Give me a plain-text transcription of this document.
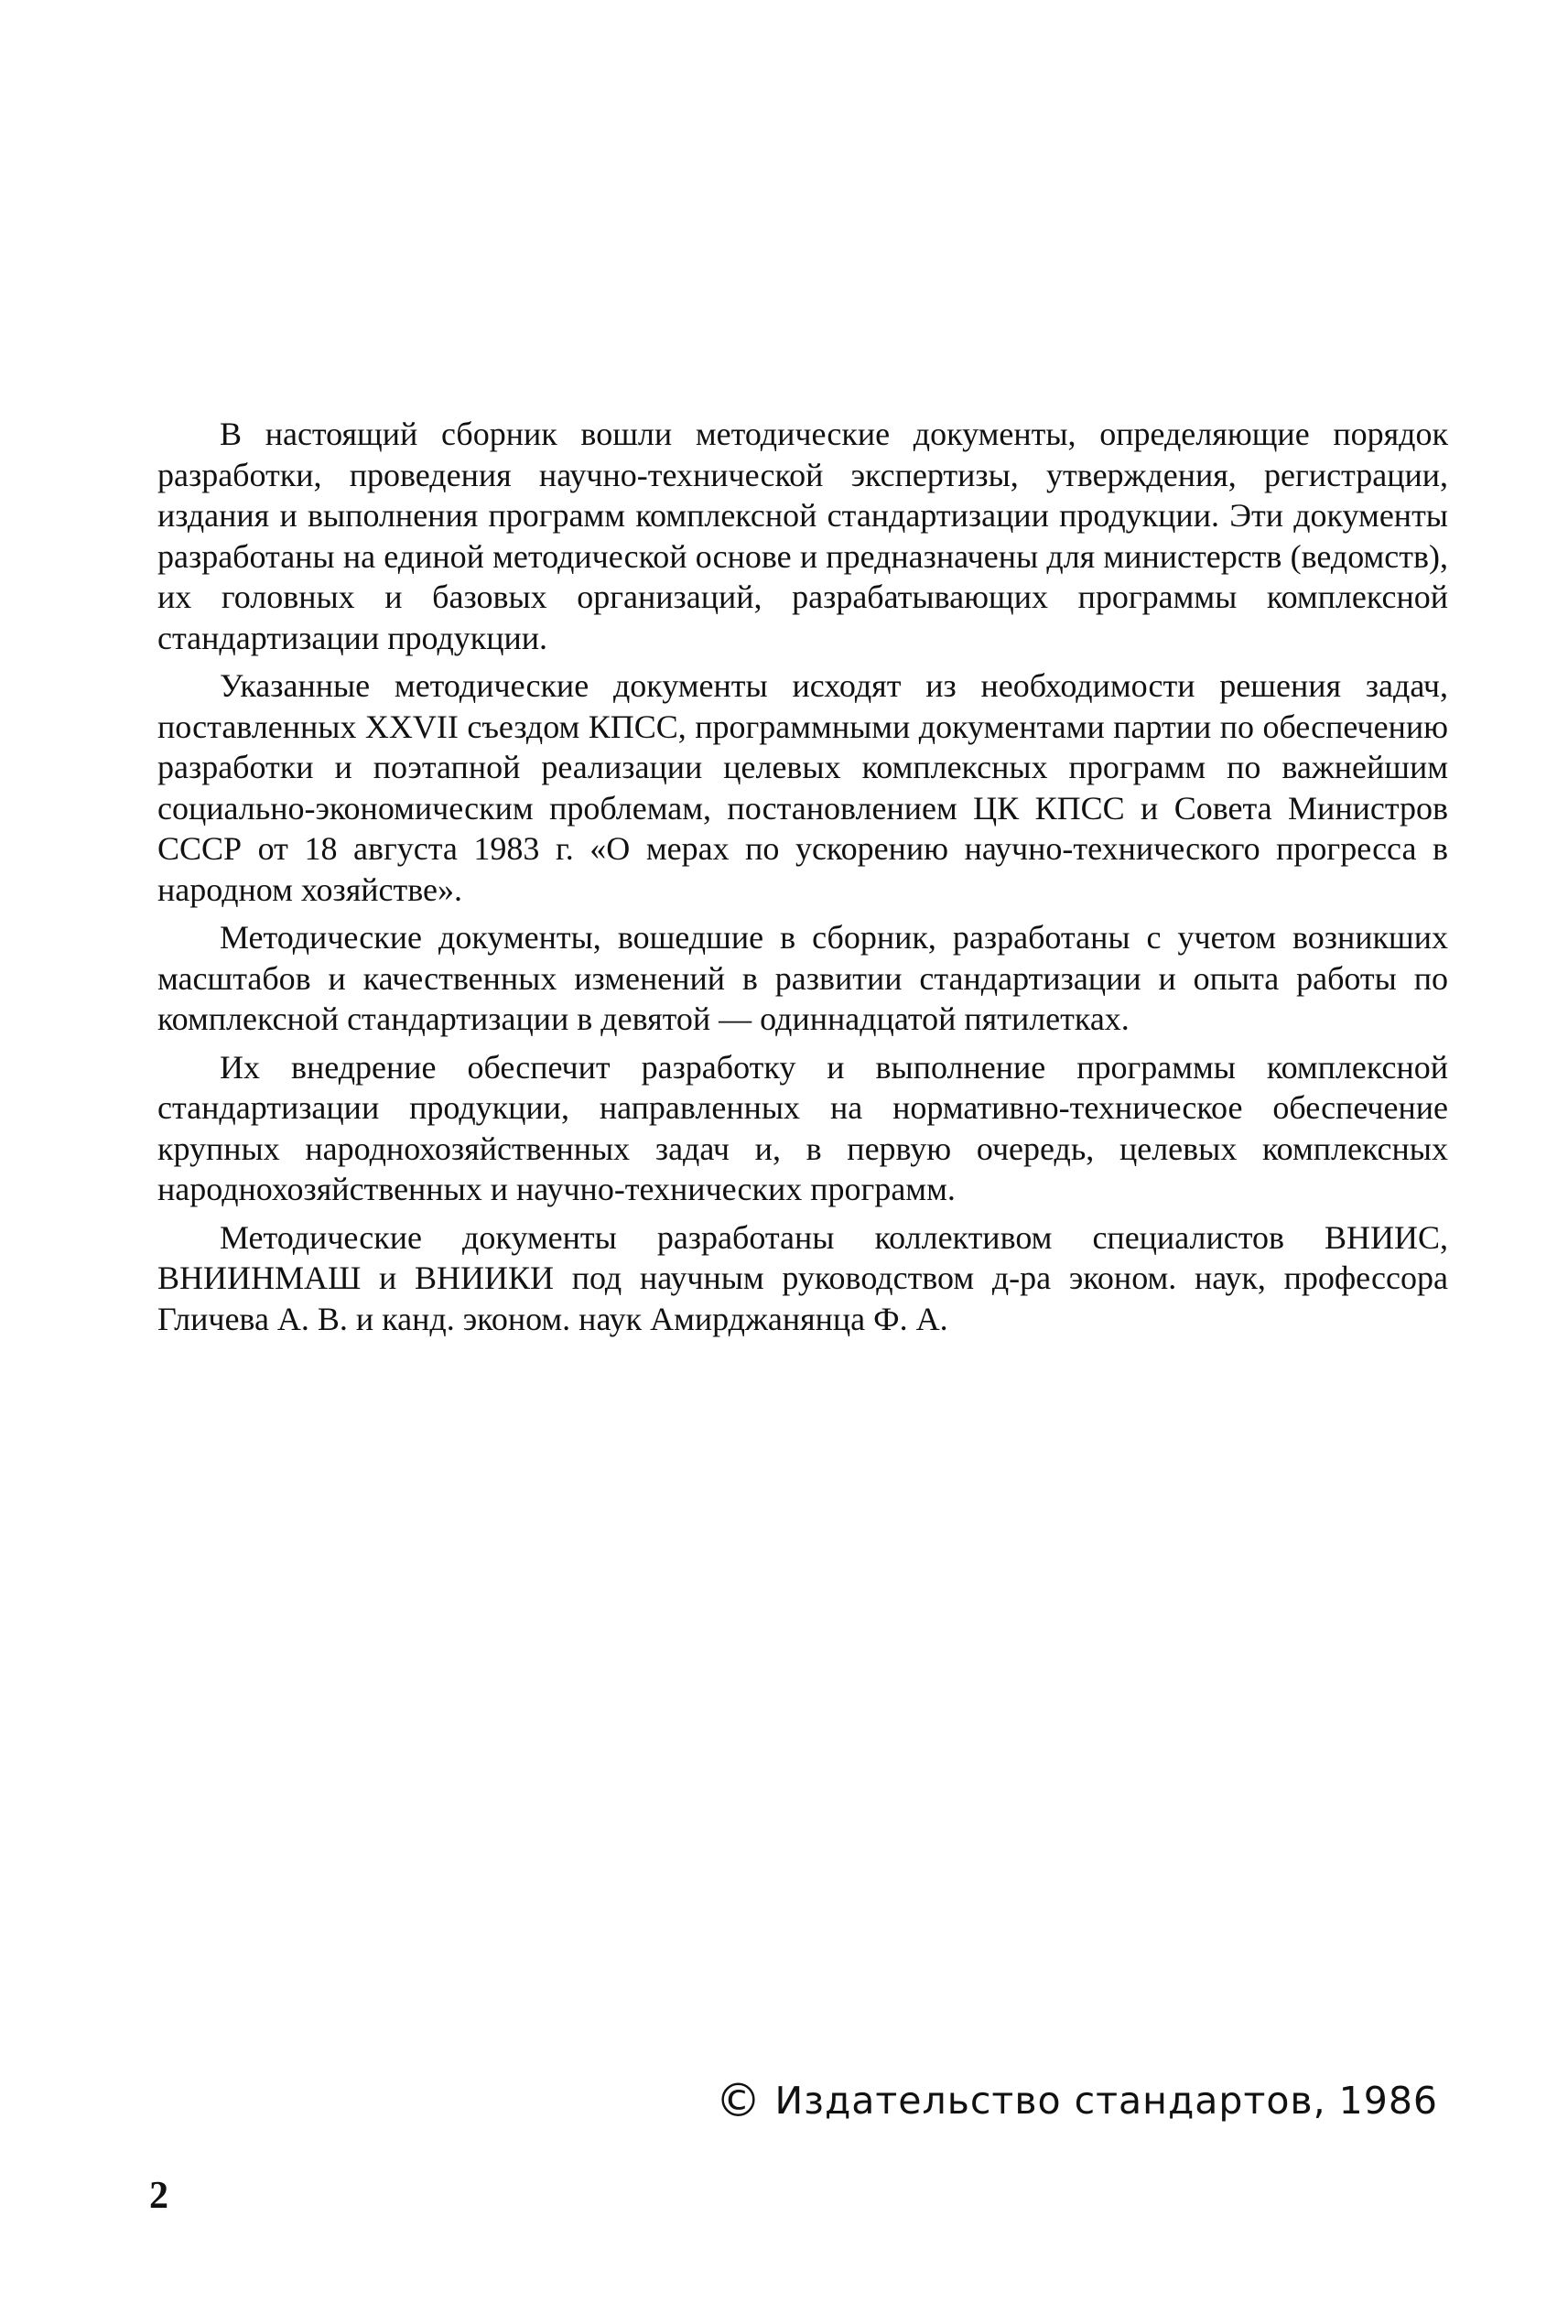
В настоящий сборник вошли методические документы, определяющие порядок разработки, проведения научно-технической экспертизы, утверждения, регистрации, издания и выполнения программ комплексной стандартизации продукции. Эти документы разработаны на единой методической основе и предназначены для министерств (ведомств), их головных и базовых организаций, разрабатывающих программы комплексной стандартизации продукции.

Указанные методические документы исходят из необходимости решения задач, поставленных XXVII съездом КПСС, программными документами партии по обеспечению разработки и поэтапной реализации целевых комплексных программ по важнейшим социально-экономическим проблемам, постановлением ЦК КПСС и Совета Министров СССР от 18 августа 1983 г. «О мерах по ускорению научно-технического прогресса в народном хозяйстве».

Методические документы, вошедшие в сборник, разработаны с учетом возникших масштабов и качественных изменений в развитии стандартизации и опыта работы по комплексной стандартизации в девятой — одиннадцатой пятилетках.

Их внедрение обеспечит разработку и выполнение программы комплексной стандартизации продукции, направленных на нормативно-техническое обеспечение крупных народнохозяйственных задач и, в первую очередь, целевых комплексных народнохозяйственных и научно-технических программ.

Методические документы разработаны коллективом специалистов ВНИИС, ВНИИНМАШ и ВНИИКИ под научным руководством д-ра эконом. наук, профессора Гличева А. В. и канд. эконом. наук Амирджанянца Ф. А.

© Издательство стандартов, 1986
2
